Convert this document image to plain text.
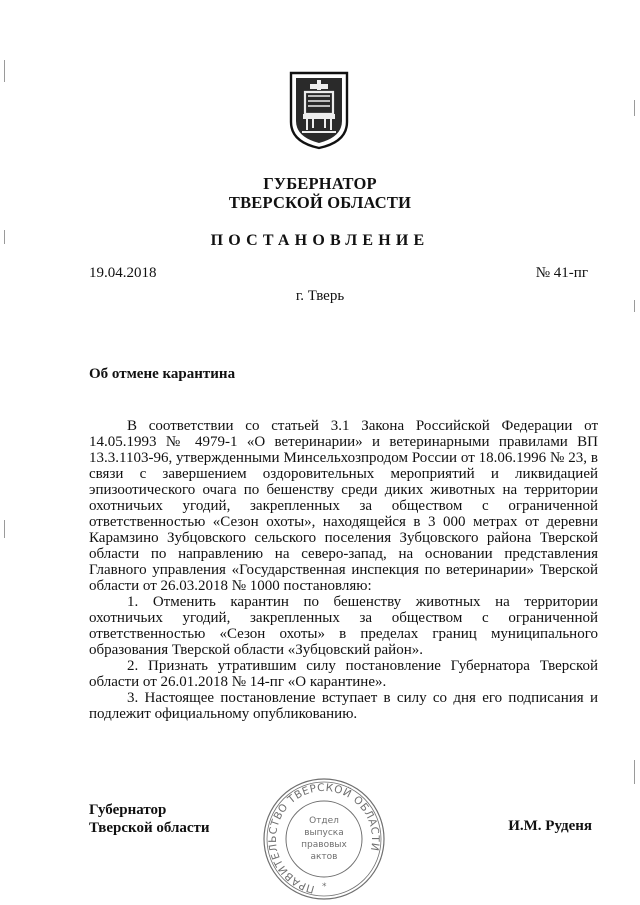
ГУБЕРНАТОР
ТВЕРСКОЙ ОБЛАСТИ
ПОСТАНОВЛЕНИЕ
19.04.2018	№ 41-пг
г. Тверь
Об отмене карантина

В соответствии со статьей 3.1 Закона Российской Федерации от 14.05.1993 № 4979-1 «О ветеринарии» и ветеринарными правилами ВП 13.3.1103-96, утвержденными Минсельхозпродом России от 18.06.1996 № 23, в связи с завершением оздоровительных мероприятий и ликвидацией эпизоотического очага по бешенству среди диких животных на территории охотничьих угодий, закрепленных за обществом с ограниченной ответственностью «Сезон охоты», находящейся в 3 000 метрах от деревни Карамзино Зубцовского сельского поселения Зубцовского района Тверской области по направлению на северо-запад, на основании представления Главного управления «Государственная инспекция по ветеринарии» Тверской области от 26.03.2018 № 1000 постановляю:

1. Отменить карантин по бешенству животных на территории охотничьих угодий, закрепленных за обществом с ограниченной ответственностью «Сезон охоты» в пределах границ муниципального образования Тверской области «Зубцовский район».

2. Признать утратившим силу постановление Губернатора Тверской области от 26.01.2018 № 14-пг «О карантине».

3. Настоящее постановление вступает в силу со дня его подписания и подлежит официальному опубликованию.

Губернатор
Тверской области	И.М. Руденя
ПРАВИТЕЛЬСТВО ТВЕРСКОЙ ОБЛАСТИ
Отдел
выпуска
правовых
актов
*
